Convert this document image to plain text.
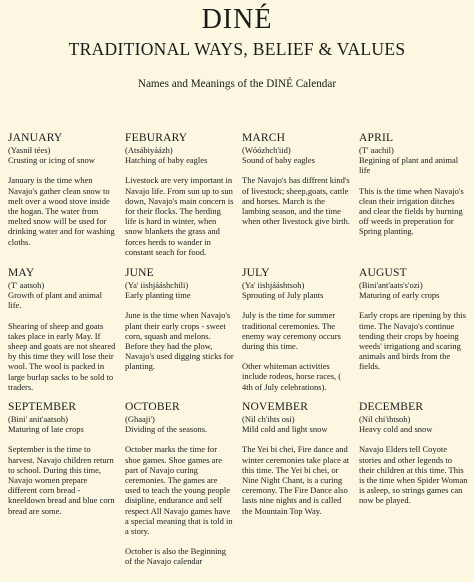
DINÉ
TRADITIONAL WAYS, BELIEF & VALUES
Names and Meanings of the DINÉ Calendar
JANUARY
(Yasnił tées)
Crusting or icing of snow
January is the time when Navajo's gather clean snow to melt over a wood stove inside the hogan. The water from melted snow will be used for drinking water and for washing cloths.
FEBURARY
(Atsábiyáázh)
Hatching of baby eagles
Livestock are very important in Navajo life. From sun up to sun down, Navajo's main concern is for their flocks. The herding life is hard in winter, when snow blankets the grass and forces herds to wander in constant seach for food.
MARCH
(Wóózhch'iid)
Sound of baby eagles
The Navajo's has diffrent kind's of livestock; sheep,goats, cattle and horses. March is the lambing season, and the time when other livestock give birth.
APRIL
(T' aachil)
Begining of plant and animal life
This is the time when Navajo's clean their irrigation ditches and clear the fields by burning off weeds in preperation for Spring planting.
MAY
(T' aatsoh)
Growth of plant and animal life.
Shearing of sheep and goats takes place in early May. If sheep and goats are not sheared by this time they will lose their wool. The wool is packed in large burlap sacks to be sold to traders.
JUNE
(Ya' iishjááshchili)
Early planting time
June is the time when Navajo's plant their early crops - sweet corn, squash and melons. Before they had the plow, Navajo's used digging sticks for planting.
JULY
(Ya' iishjááshtsoh)
Sprouting of July plants
July is the time for summer traditional ceremonies. The enemy way ceremony occurs during this time.
Other whiteman activities include rodeos, horse races, ( 4th of July celebrations).
AUGUST
(Bini'ant'aats's'ozi)
Maturing of early crops
Early crops are ripening by this time. The Navajo's continue tending their crops by hoeing weeds' irrigationg and scaring animals and birds from the fields.
SEPTEMBER
(Bini' anit'aatsoh)
Maturing of late crops
September is the time to harvest. Navajo children return to school. During this time, Navajo women prepare different corn bread - kneeldown bread and blue corn bread are some.
OCTOBER
(Ghaaji')
Dividing of the seasons.
October marks the time for shoe games. Shoe games are part of Navajo curing ceremonies. The games are used to teach the young people disipline, endurance and self respect All Navajo games have a special meaning that is told in a story.
October is also the Beginning of the Navajo calendar
NOVEMBER
(Nil ch'ihts osi)
Mild cold and light snow
The Yei bi chei, Fire dance and winter ceremonies take place at this time. The Yei bi chei, or Nine Night Chant, is a curing ceremony. The Fire Dance also lasts nine nights and is called the Mountain Top Way.
DECEMBER
(Nil chi'ihtsoh)
Heavy cold and snow
Navajo Elders tell Coyote stories and other legends to their children at this time. This is the time when Spider Woman is asleep, so strings games can now be played.
